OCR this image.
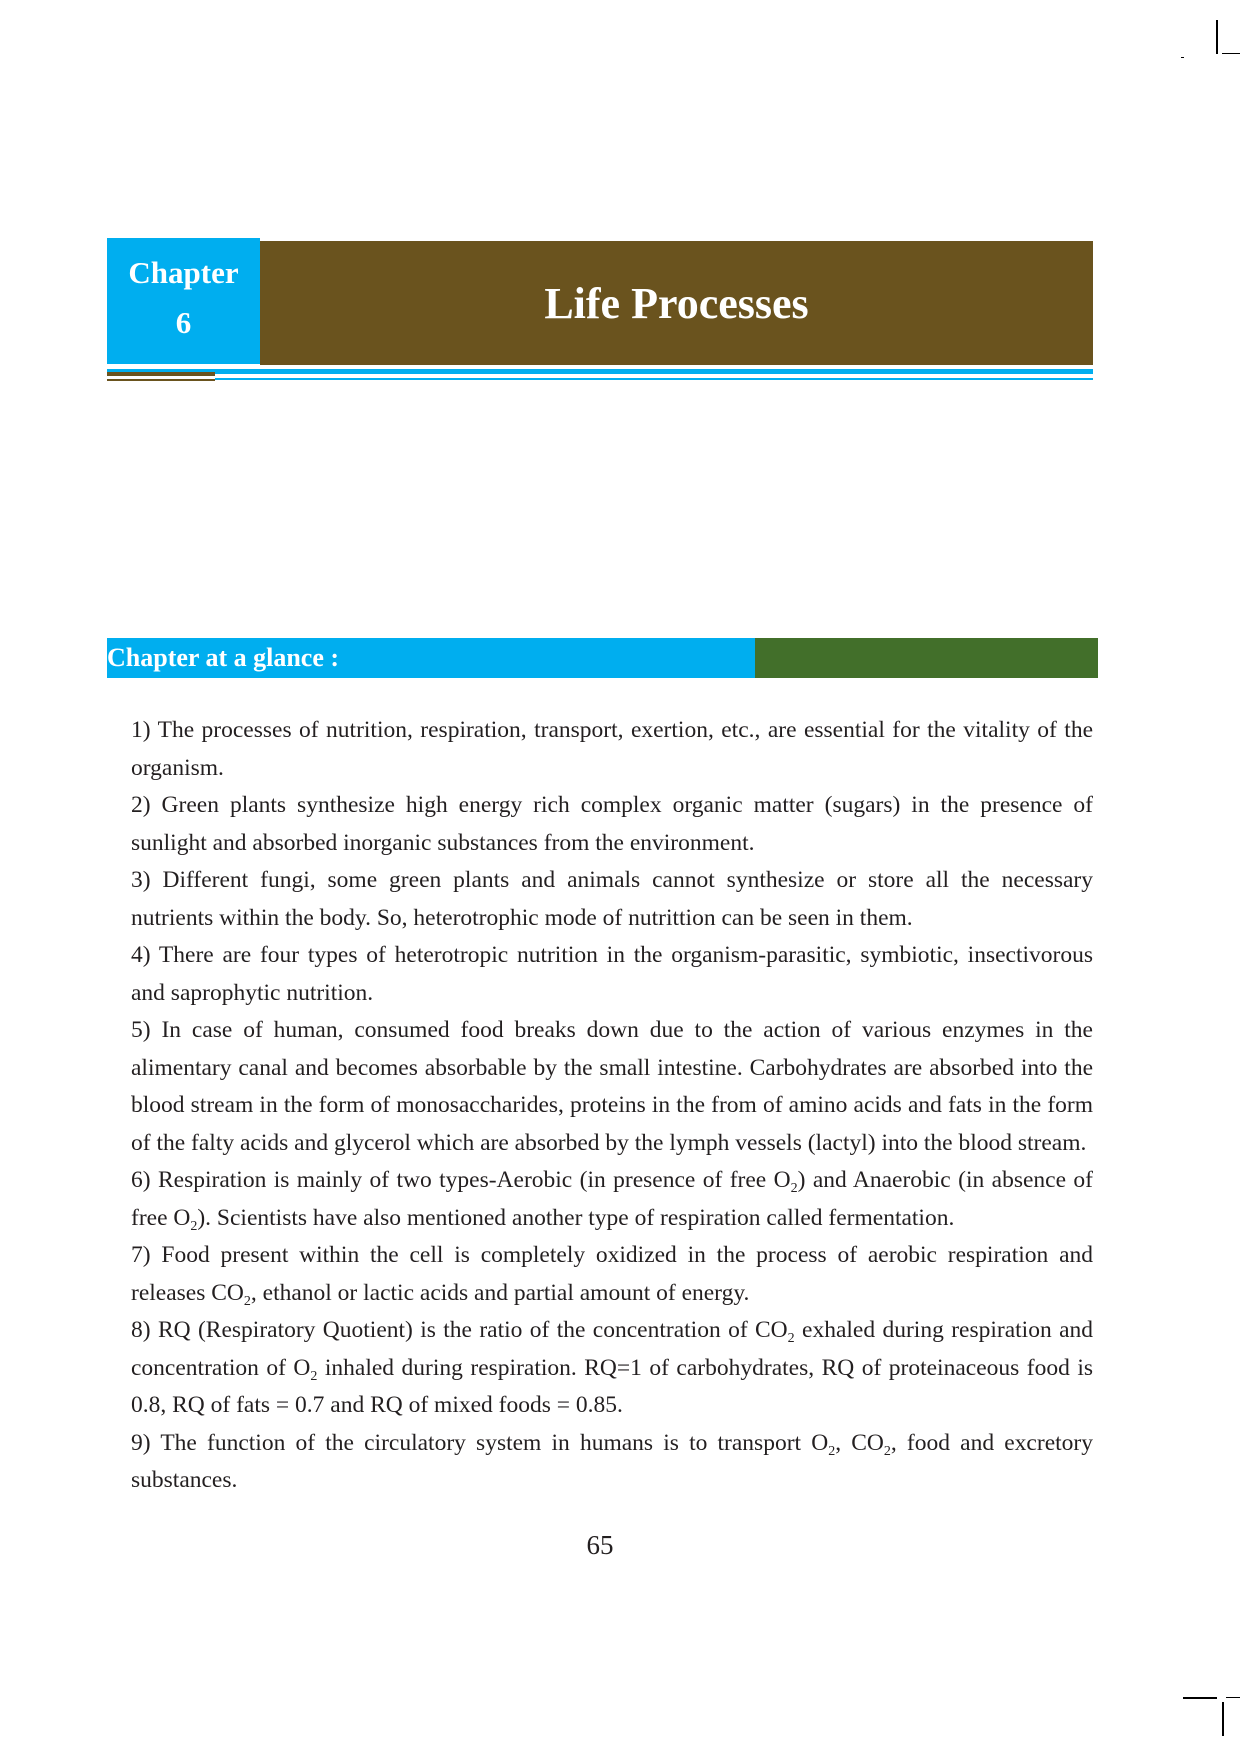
Chapter
6	Life Processes
Chapter at a glance :

1) The processes of nutrition, respiration, transport, exertion, etc., are essential for the vitality of the organism.

2) Green plants synthesize high energy rich complex organic matter (sugars) in the presence of sunlight and absorbed inorganic substances from the environment.

3) Different fungi, some green plants and animals cannot synthesize or store all the necessary nutrients within the body. So, heterotrophic mode of nutrittion can be seen in them.

4) There are four types of heterotropic nutrition in the organism-parasitic, symbiotic, insectivorous and saprophytic nutrition.

5) In case of human, consumed food breaks down due to the action of various enzymes in the alimentary canal and becomes absorbable by the small intestine. Carbohydrates are absorbed into the blood stream in the form of monosaccharides, proteins in the from of amino acids and fats in the form of the falty acids and glycerol which are absorbed by the lymph vessels (lactyl) into the blood stream.

6) Respiration is mainly of two types-Aerobic (in presence of free $O_2$) and Anaerobic (in absence of free $O_2$). Scientists have also mentioned another type of respiration called fermentation.

7) Food present within the cell is completely oxidized in the process of aerobic respiration and releases $CO_2$, ethanol or lactic acids and partial amount of energy.

8) RQ (Respiratory Quotient) is the ratio of the concentration of $CO_2$ exhaled during respiration and concentration of $O_2$ inhaled during respiration. RQ=1 of carbohydrates, RQ of proteinaceous food is 0.8, RQ of fats = 0.7 and RQ of mixed foods = 0.85.

9) The function of the circulatory system in humans is to transport $O_2$, $CO_2$, food and excretory substances.

65
